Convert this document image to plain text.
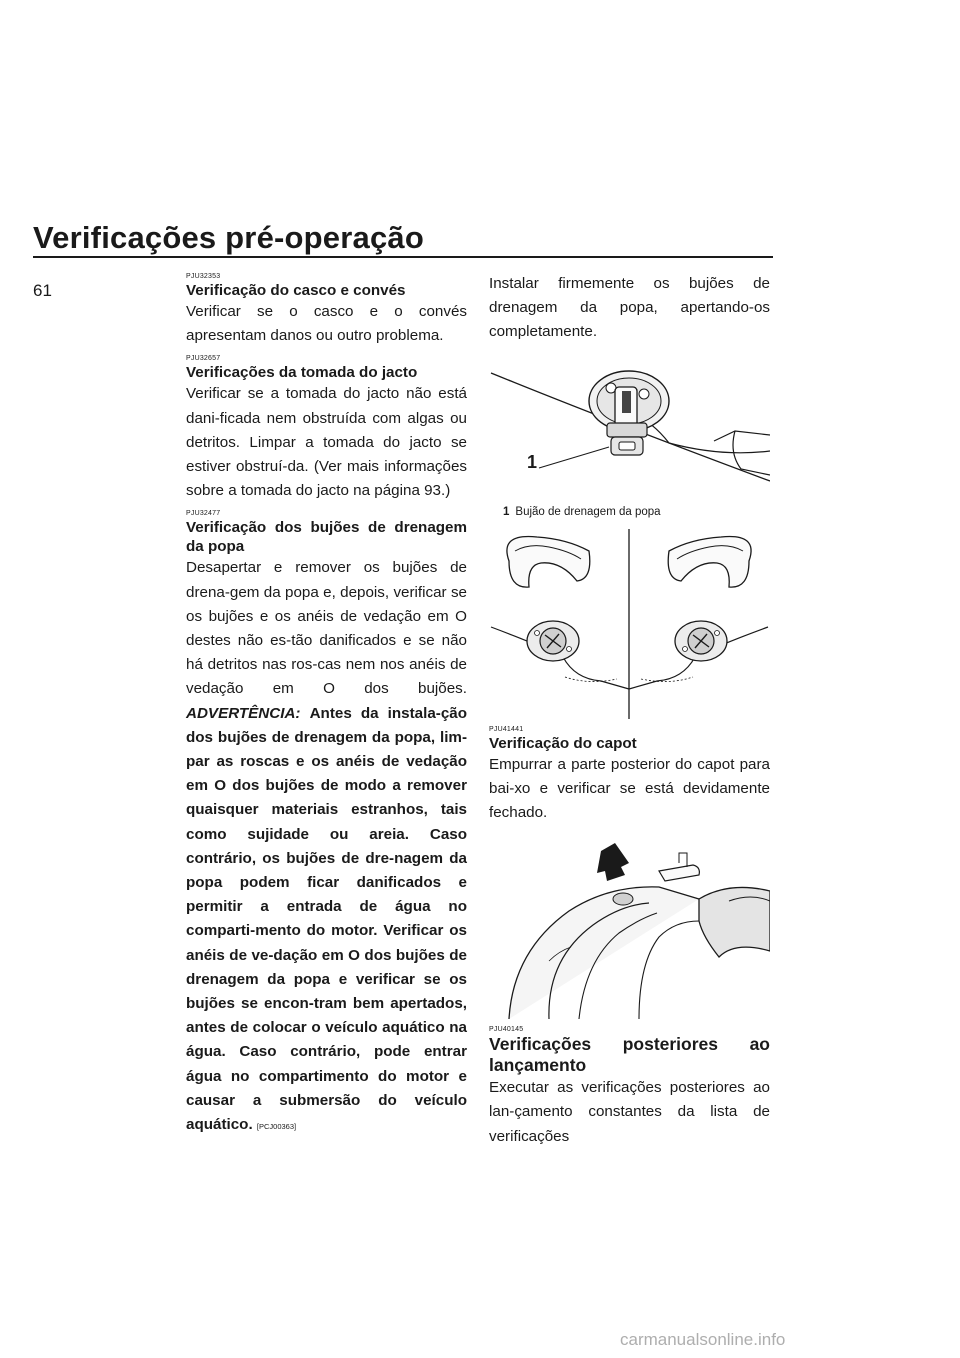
Verificações pré-operação
61
PJU32353
Verificação do casco e convés

Verificar se o casco e o convés apresentam danos ou outro problema.

PJU32657
Verificações da tomada do jacto

Verificar se a tomada do jacto não está dani-ficada nem obstruída com algas ou detritos. Limpar a tomada do jacto se estiver obstruí-da. (Ver mais informações sobre a tomada do jacto na página 93.)

PJU32477
Verificação dos bujões de drenagem da popa

Desapertar e remover os bujões de drena-gem da popa e, depois, verificar se os bujões e os anéis de vedação em O destes não es-tão danificados e se não há detritos nas ros-cas nem nos anéis de vedação em O dos bujões. ADVERTÊNCIA: Antes da instala-ção dos bujões de drenagem da popa, lim-par as roscas e os anéis de vedação em O dos bujões de modo a remover quaisquer materiais estranhos, tais como sujidade ou areia. Caso contrário, os bujões de dre-nagem da popa podem ficar danificados e permitir a entrada de água no comparti-mento do motor. Verificar os anéis de ve-dação em O dos bujões de drenagem da popa e verificar se os bujões se encon-tram bem apertados, antes de colocar o veículo aquático na água. Caso contrário, pode entrar água no compartimento do motor e causar a submersão do veículo aquático. [PCJ00363]

Instalar firmemente os bujões de drenagem da popa, apertando-os completamente.

1

1 Bujão de drenagem da popa

PJU41441
Verificação do capot

Empurrar a parte posterior do capot para bai-xo e verificar se está devidamente fechado.

PJU40145
Verificações posteriores ao lançamento

Executar as verificações posteriores ao lan-çamento constantes da lista de verificações

carmanualsonline.info
